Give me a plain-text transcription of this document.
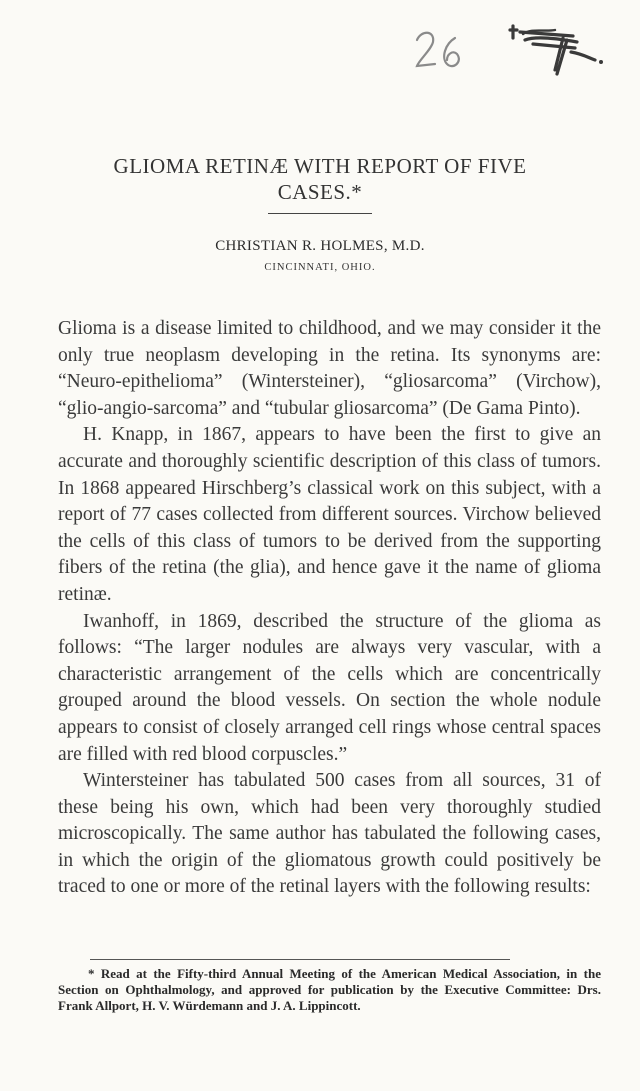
2-6 ≈ 7.
GLIOMA RETINÆ WITH REPORT OF FIVE
CASES.*
CHRISTIAN R. HOLMES, M.D.
CINCINNATI, OHIO.

Glioma is a disease limited to childhood, and we may consider it the only true neoplasm developing in the retina. Its synonyms are: “Neuro-epithelioma” (Wintersteiner), “gliosarcoma” (Virchow), “glio-angio-sarcoma” and “tubular gliosarcoma” (De Gama Pinto).

H. Knapp, in 1867, appears to have been the first to give an accurate and thoroughly scientific description of this class of tumors. In 1868 appeared Hirschberg’s classical work on this subject, with a report of 77 cases collected from different sources. Virchow believed the cells of this class of tumors to be derived from the supporting fibers of the retina (the glia), and hence gave it the name of glioma retinæ.

Iwanhoff, in 1869, described the structure of the glioma as follows: “The larger nodules are always very vascular, with a characteristic arrangement of the cells which are concentrically grouped around the blood vessels. On section the whole nodule appears to consist of closely arranged cell rings whose central spaces are filled with red blood corpuscles.”

Wintersteiner has tabulated 500 cases from all sources, 31 of these being his own, which had been very thoroughly studied microscopically. The same author has tabulated the following cases, in which the origin of the gliomatous growth could positively be traced to one or more of the retinal layers with the following results:

* Read at the Fifty-third Annual Meeting of the American Medical Association, in the Section on Ophthalmology, and approved for publication by the Executive Committee: Drs. Frank Allport, H. V. Würdemann and J. A. Lippincott.
